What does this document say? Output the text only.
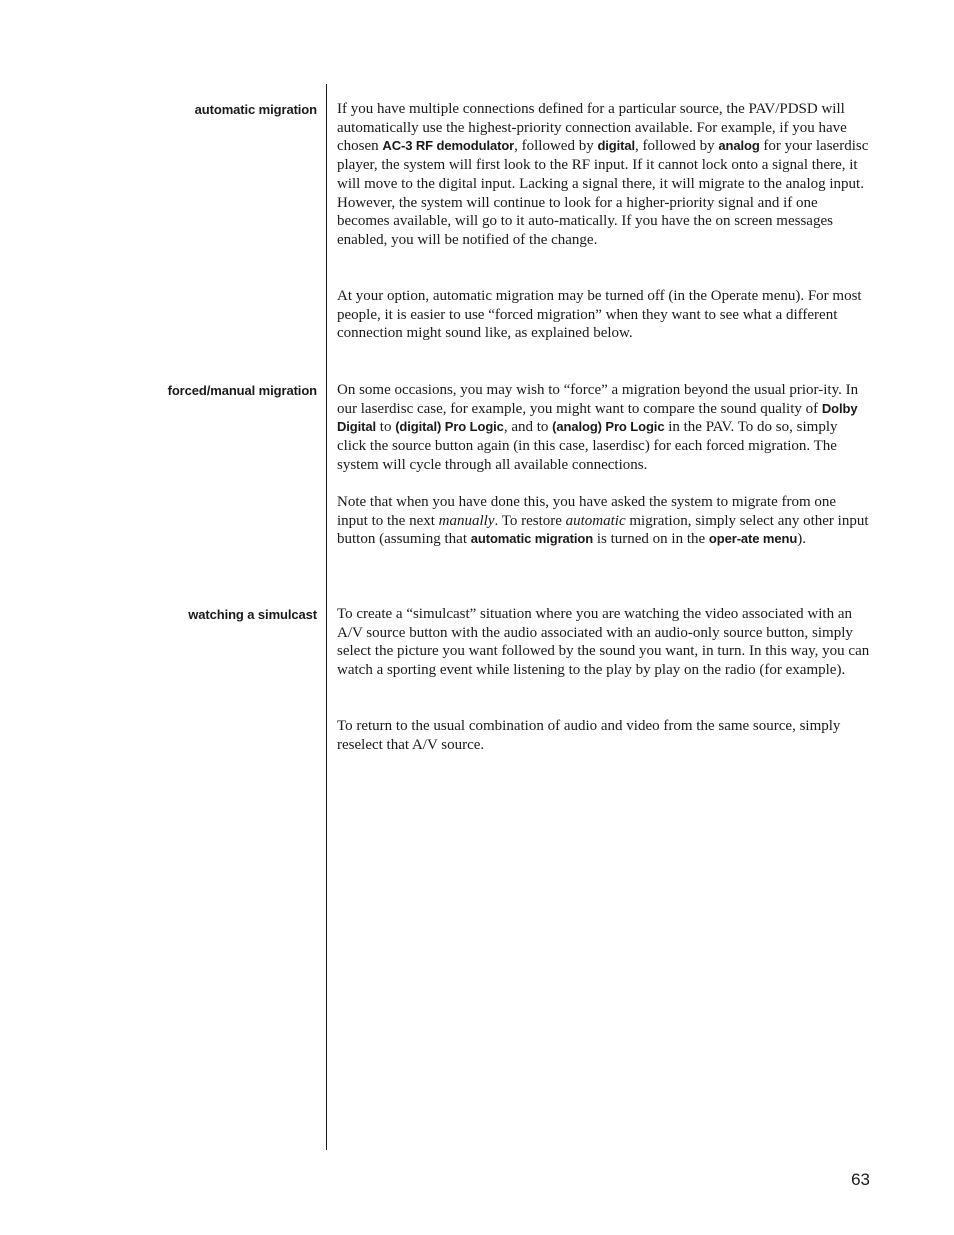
automatic migration If you have multiple connections defined for a particular source, the PAV/PDSD will automatically use the highest-priority connection available. For example, if you have chosen AC-3 RF demodulator, followed by digital, followed by analog for your laserdisc player, the system will first look to the RF input. If it cannot lock onto a signal there, it will move to the digital input. Lacking a signal there, it will migrate to the analog input. However, the system will continue to look for a higher-priority signal and if one becomes available, will go to it auto-matically. If you have the on screen messages enabled, you will be notified of the change.

At your option, automatic migration may be turned off (in the Operate menu). For most people, it is easier to use “forced migration” when they want to see what a different connection might sound like, as explained below.

forced/manual migration On some occasions, you may wish to “force” a migration beyond the usual prior-ity. In our laserdisc case, for example, you might want to compare the sound quality of Dolby Digital to (digital) Pro Logic, and to (analog) Pro Logic in the PAV. To do so, simply click the source button again (in this case, laserdisc) for each forced migration. The system will cycle through all available connections.

Note that when you have done this, you have asked the system to migrate from one input to the next manually. To restore automatic migration, simply select any other input button (assuming that automatic migration is turned on in the oper-ate menu).

watching a simulcast To create a “simulcast” situation where you are watching the video associated with an A/V source button with the audio associated with an audio-only source button, simply select the picture you want followed by the sound you want, in turn. In this way, you can watch a sporting event while listening to the play by play on the radio (for example).

To return to the usual combination of audio and video from the same source, simply reselect that A/V source.

63
